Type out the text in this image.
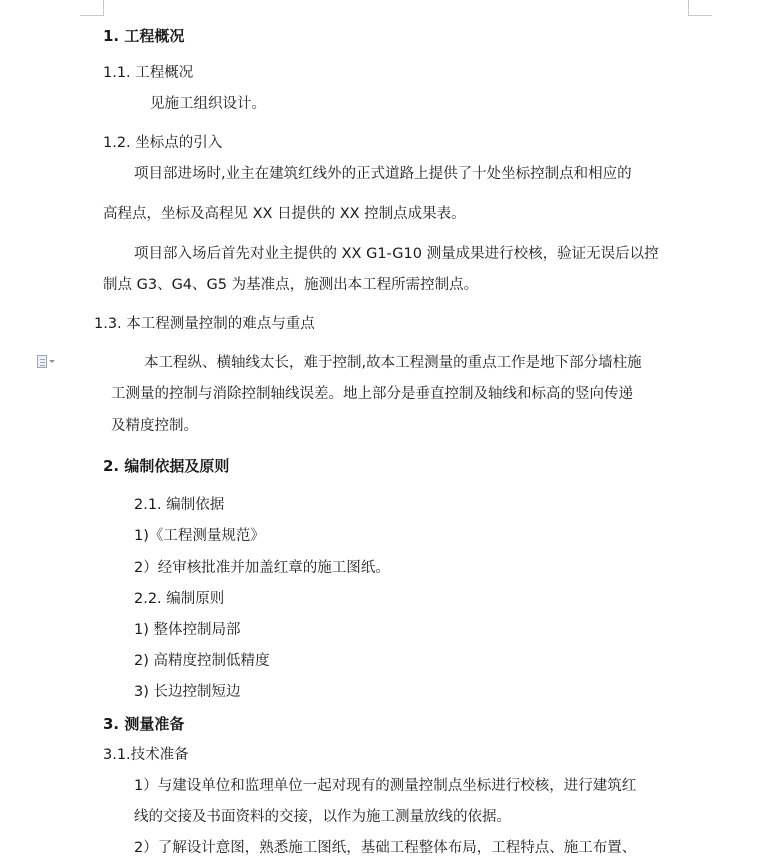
1. 工程概况
1.1. 工程概况
见施工组织设计。
1.2. 坐标点的引入
项目部进场时,业主在建筑红线外的正式道路上提供了十处坐标控制点和相应的
高程点，坐标及高程见 XX 日提供的 XX 控制点成果表。
项目部入场后首先对业主提供的 XX G1-G10 测量成果进行校核，验证无误后以控
制点 G3、G4、G5 为基准点，施测出本工程所需控制点。
1.3. 本工程测量控制的难点与重点
本工程纵、横轴线太长，难于控制,故本工程测量的重点工作是地下部分墙柱施
工测量的控制与消除控制轴线误差。地上部分是垂直控制及轴线和标高的竖向传递
及精度控制。
2. 编制依据及原则
2.1. 编制依据
1)《工程测量规范》
2）经审核批准并加盖红章的施工图纸。
2.2. 编制原则
1) 整体控制局部
2) 高精度控制低精度
3) 长边控制短边
3. 测量准备
3.1.技术准备
1）与建设单位和监理单位一起对现有的测量控制点坐标进行校核，进行建筑红
线的交接及书面资料的交接，以作为施工测量放线的依据。
2）了解设计意图，熟悉施工图纸，基础工程整体布局，工程特点、施工布置、
